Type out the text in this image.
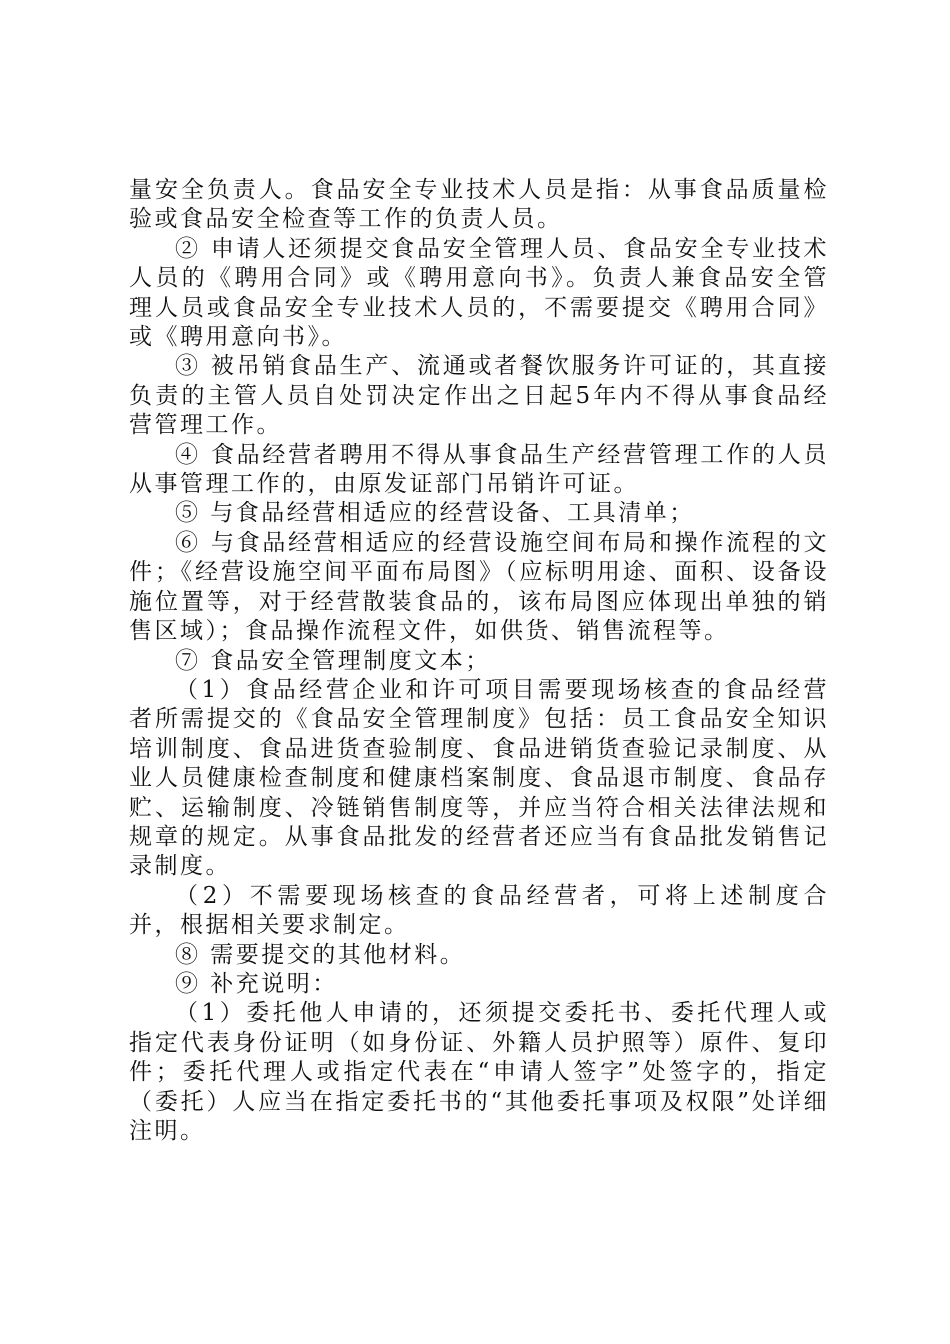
量安全负责人。食品安全专业技术人员是指：从事食品质量检验或食品安全检查等工作的负责人员。

② 申请人还须提交食品安全管理人员、食品安全专业技术人员的《聘用合同》或《聘用意向书》。负责人兼食品安全管理人员或食品安全专业技术人员的，不需要提交《聘用合同》或《聘用意向书》。

③ 被吊销食品生产、流通或者餐饮服务许可证的，其直接负责的主管人员自处罚决定作出之日起5年内不得从事食品经营管理工作。

④ 食品经营者聘用不得从事食品生产经营管理工作的人员从事管理工作的，由原发证部门吊销许可证。

⑤ 与食品经营相适应的经营设备、工具清单；

⑥ 与食品经营相适应的经营设施空间布局和操作流程的文件；《经营设施空间平面布局图》（应标明用途、面积、设备设施位置等，对于经营散装食品的，该布局图应体现出单独的销售区域）；食品操作流程文件，如供货、销售流程等。

⑦ 食品安全管理制度文本；

（1）食品经营企业和许可项目需要现场核查的食品经营者所需提交的《食品安全管理制度》包括：员工食品安全知识培训制度、食品进货查验制度、食品进销货查验记录制度、从业人员健康检查制度和健康档案制度、食品退市制度、食品存贮、运输制度、冷链销售制度等，并应当符合相关法律法规和规章的规定。从事食品批发的经营者还应当有食品批发销售记录制度。

（2）不需要现场核查的食品经营者，可将上述制度合并，根据相关要求制定。

⑧ 需要提交的其他材料。

⑨ 补充说明：

（1）委托他人申请的，还须提交委托书、委托代理人或指定代表身份证明（如身份证、外籍人员护照等）原件、复印件；委托代理人或指定代表在“申请人签字”处签字的，指定（委托）人应当在指定委托书的“其他委托事项及权限”处详细注明。
